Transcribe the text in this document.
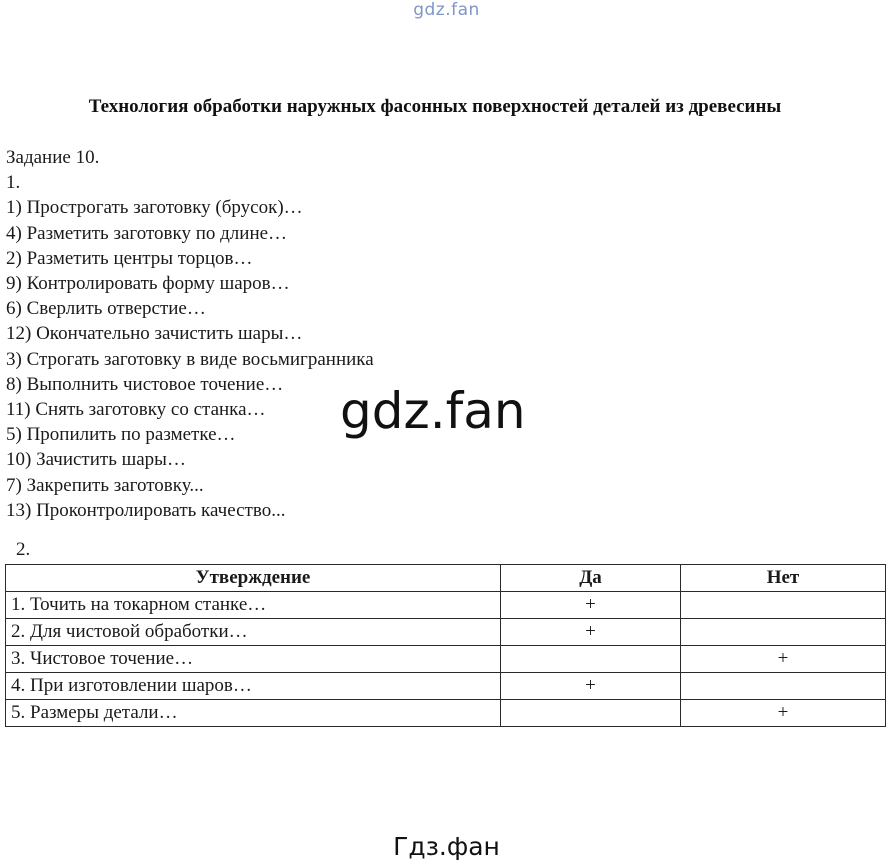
gdz.fan
Технология обработки наружных фасонных поверхностей деталей из древесины
Задание 10.
1.
1) Прострогать заготовку (брусок)…
4) Разметить заготовку по длине…
2) Разметить центры торцов…
9) Контролировать форму шаров…
6) Сверлить отверстие…
12) Окончательно зачистить шары…
3) Строгать заготовку в виде восьмигранника
8) Выполнить чистовое точение…
11) Снять заготовку со станка…
5) Пропилить по разметке…
10) Зачистить шары…
7) Закрепить заготовку...
13) Проконтролировать качество...
2.
Утверждение	Да	Нет
1. Точить на токарном станке…	+	
2. Для чистовой обработки…	+	
3. Чистовое точение…		+
4. При изготовлении шаров…	+	
5. Размеры детали…		+
gdz.fan
Гдз.фан
